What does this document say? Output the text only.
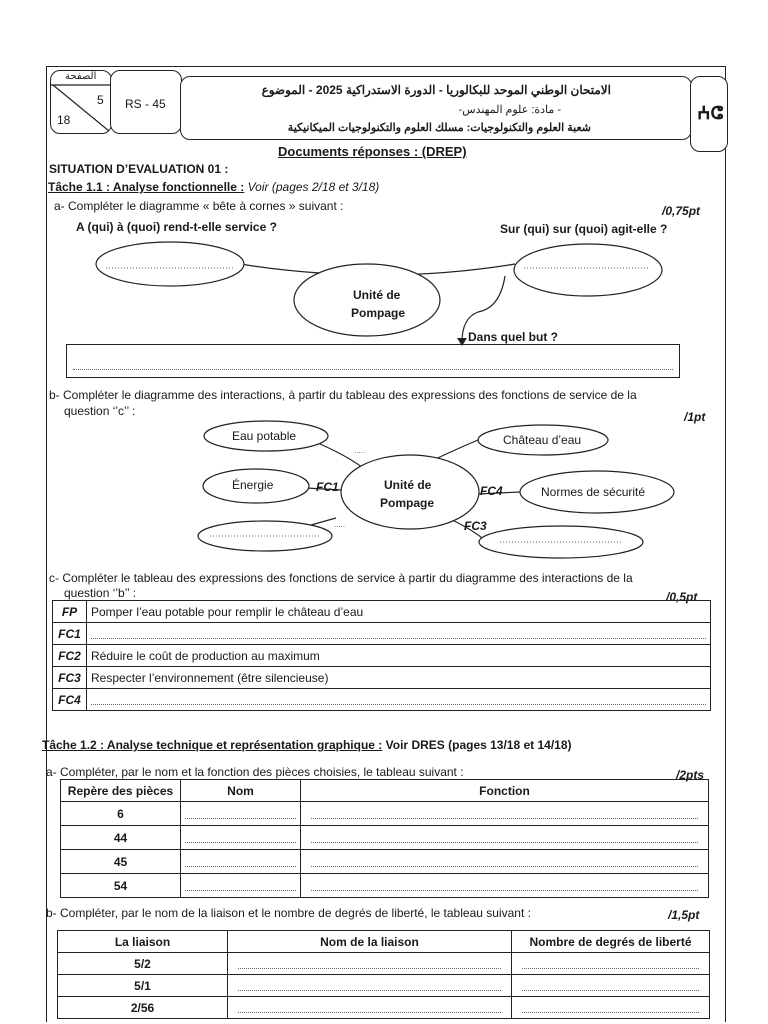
الصفحة
5
18
RS - 45
الامتحان الوطني الموحد للبكالوريا - الدورة الاستدراكية 2025 - الموضوع
- مادة: علوم المهندس-
شعبة العلوم والتكنولوجيات: مسلك العلوم والتكنولوجيات الميكانيكية
ⵄⵛ
Documents réponses : (DREP)
SITUATION D’EVALUATION 01 :
Tâche 1.1 : Analyse fonctionnelle : Voir (pages 2/18 et 3/18)
a- Compléter le diagramme « bête à cornes » suivant :	/0,75pt
A (qui) à (quoi) rend-t-elle service ?	Sur (qui) sur (quoi) agit-elle ?
Unité de
Pompage
Dans quel but ?
b- Compléter le diagramme des interactions, à partir du tableau des expressions des fonctions de service de la
question ‘’c’’ :	/1pt
.....
.....
Eau potable	Château d’eau
Énergie	Normes de sécurité
Unité de
Pompage
FC1	FC4
FC3
c- Compléter le tableau des expressions des fonctions de service à partir du diagramme des interactions de la
question ‘’b’’ :	/0,5pt
FP	Pomper l’eau potable pour remplir le château d’eau
FC1	

FC2	Réduire le coût de production au maximum
FC3	Respecter l’environnement (être silencieuse)
FC4	
Tâche 1.2 : Analyse technique et représentation graphique : Voir DRES (pages 13/18 et 14/18)
a- Compléter, par le nom et la fonction des pièces choisies, le tableau suivant :	/2pts
Repère des pièces	Nom	Fonction
6	

44	

45	

54	

b- Compléter, par le nom de la liaison et le nombre de degrés de liberté, le tableau suivant :	/1,5pt
La liaison	Nom de la liaison	Nombre de degrés de liberté
5/2	

5/1	

2/56	
